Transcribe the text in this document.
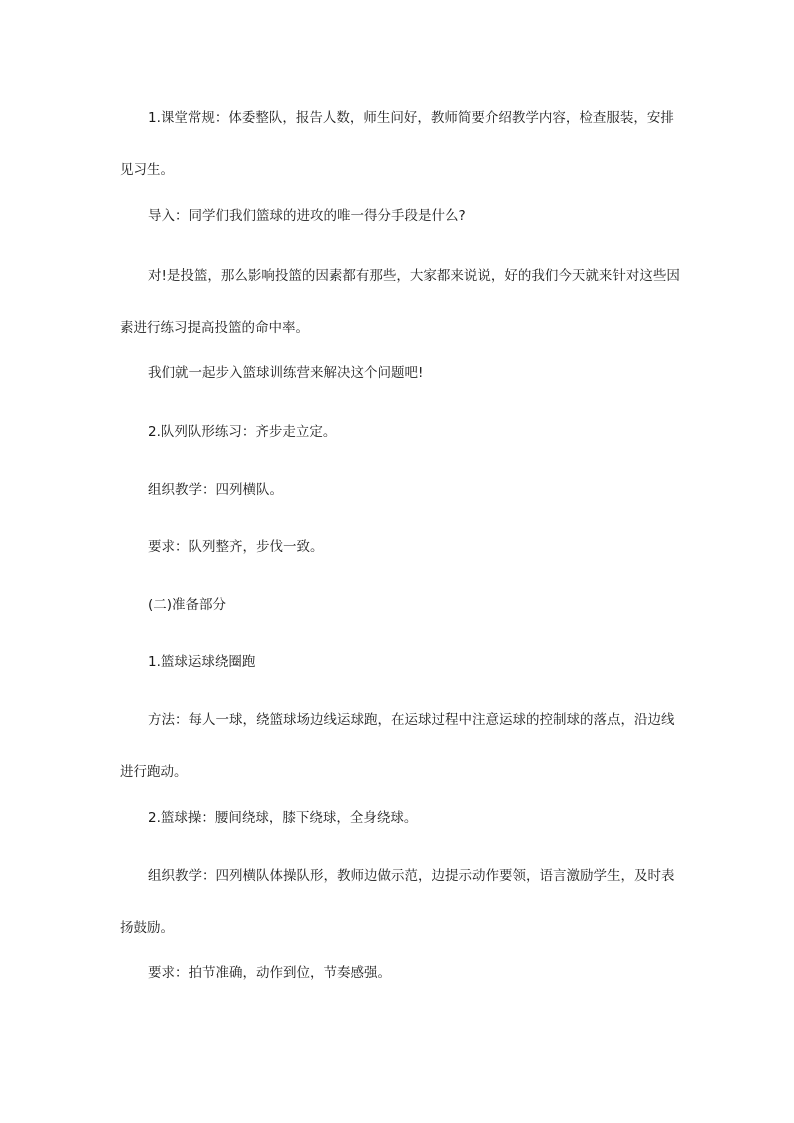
1.课堂常规：体委整队，报告人数，师生问好，教师简要介绍教学内容，检查服装，安排见习生。

导入：同学们我们篮球的进攻的唯一得分手段是什么?

对!是投篮，那么影响投篮的因素都有那些，大家都来说说，好的我们今天就来针对这些因素进行练习提高投篮的命中率。

我们就一起步入篮球训练营来解决这个问题吧!

2.队列队形练习：齐步走立定。

组织教学：四列横队。

要求：队列整齐，步伐一致。

(二)准备部分

1.篮球运球绕圈跑

方法：每人一球，绕篮球场边线运球跑，在运球过程中注意运球的控制球的落点，沿边线进行跑动。

2.篮球操：腰间绕球，膝下绕球，全身绕球。

组织教学：四列横队体操队形，教师边做示范，边提示动作要领，语言激励学生，及时表扬鼓励。

要求：拍节准确，动作到位，节奏感强。
